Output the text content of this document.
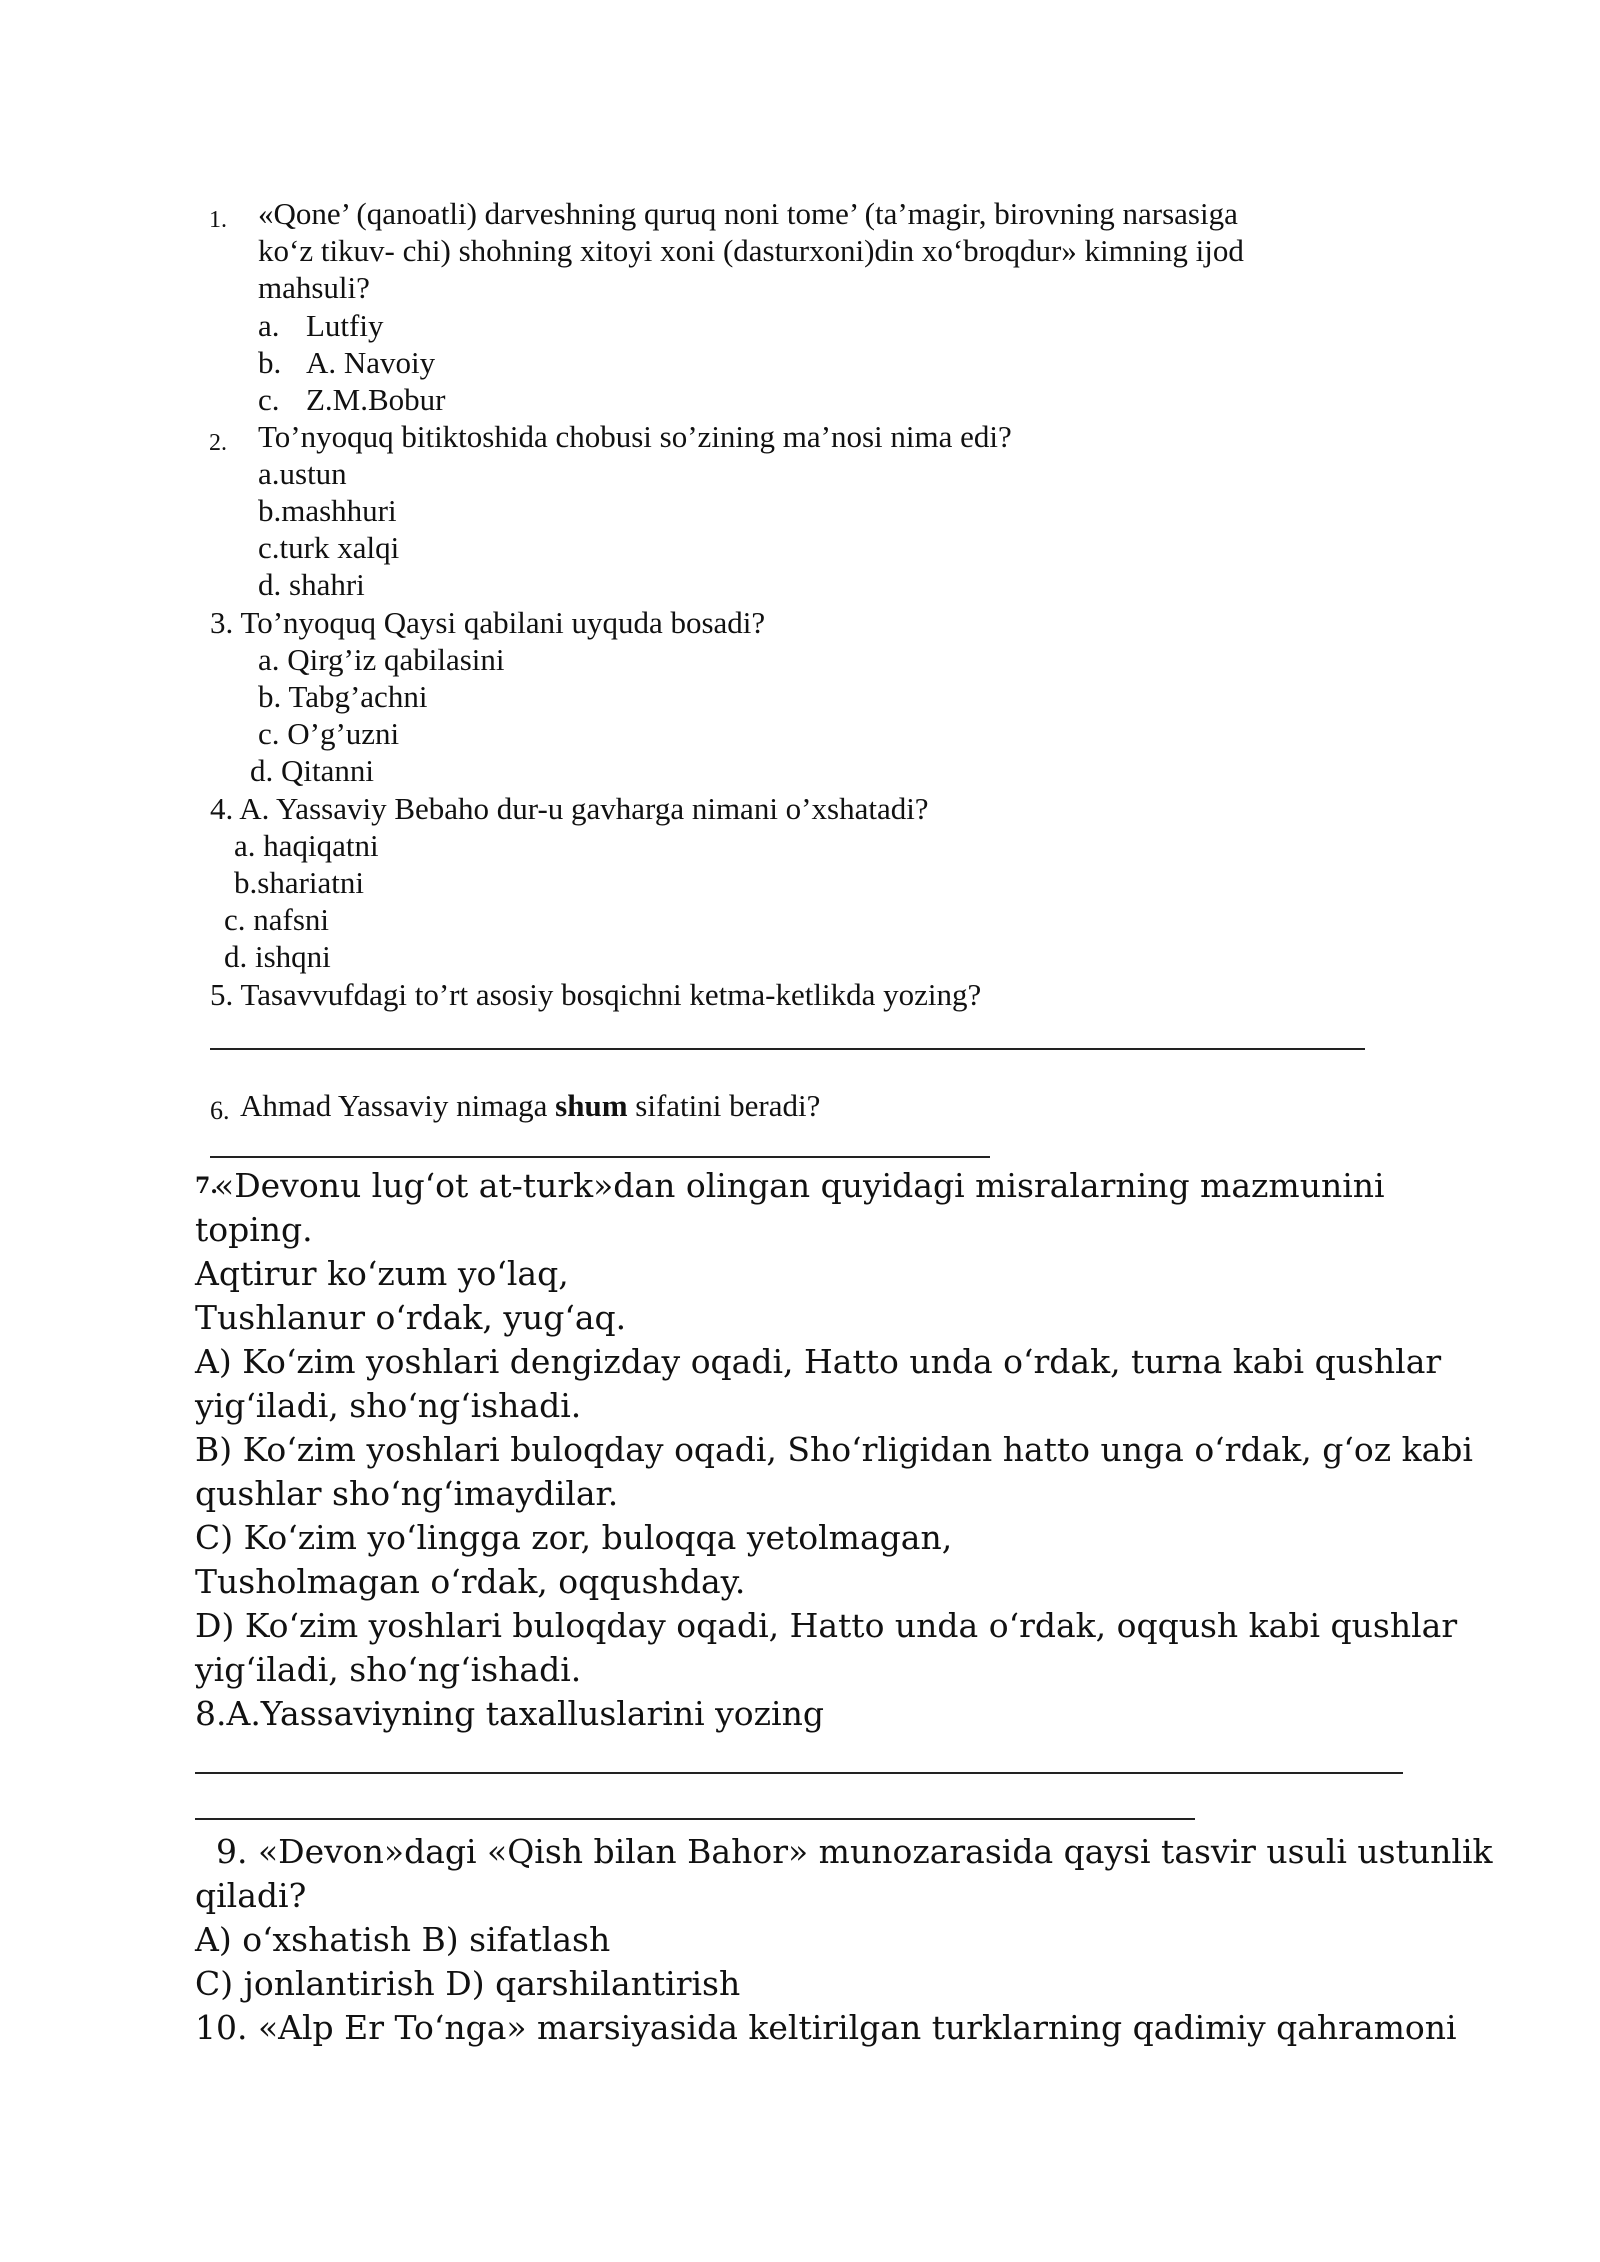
1. «Qone’ (qanoatli) darveshning quruq noni tome’ (ta’magir, birovning narsasiga

ko‘z tikuv- chi) shohning xitoyi xoni (dasturxoni)din xo‘broqdur» kimning ijod

mahsuli?

a. Lutfiy
b. A. Navoiy
c. Z.M.Bobur
2. To’nyoquq bitiktoshida chobusi so’zining ma’nosi nima edi?

a.ustun

b.mashhuri

c.turk xalqi

d. shahri

3. To’nyoquq Qaysi qabilani uyquda bosadi?

a. Qirg’iz qabilasini

b. Tabg’achni

c. O’g’uzni

d. Qitanni

4. A. Yassaviy Bebaho dur-u gavharga nimani o’xshatadi?

a. haqiqatni

b.shariatni

c. nafsni

d. ishqni

5. Tasavvufdagi to’rt asosiy bosqichni ketma-ketlikda yozing?

6. Ahmad Yassaviy nimaga shum sifatini beradi?

7.

«Devonu lug‘ot at-turk»dan olingan quyidagi misralarning mazmunini

toping.

Aqtirur ko‘zum yo‘laq,

Tushlanur o‘rdak, yug‘aq.

A) Ko‘zim yoshlari dengizday oqadi, Hatto unda o‘rdak, turna kabi qushlar

yig‘iladi, sho‘ng‘ishadi.

B) Ko‘zim yoshlari buloqday oqadi, Sho‘rligidan hatto unga o‘rdak, g‘oz kabi

qushlar sho‘ng‘imaydilar.

C) Ko‘zim yo‘lingga zor, buloqqa yetolmagan,

Tusholmagan o‘rdak, oqqushday.

D) Ko‘zim yoshlari buloqday oqadi, Hatto unda o‘rdak, oqqush kabi qushlar

yig‘iladi, sho‘ng‘ishadi.

8.A.Yassaviyning taxalluslarini yozing

9. «Devon»dagi «Qish bilan Bahor» munozarasida qaysi tasvir usuli ustunlik

qiladi?

A) o‘xshatish B) sifatlash

C) jonlantirish D) qarshilantirish

10. «Alp Er To‘nga» marsiyasida keltirilgan turklarning qadimiy qahramoni
